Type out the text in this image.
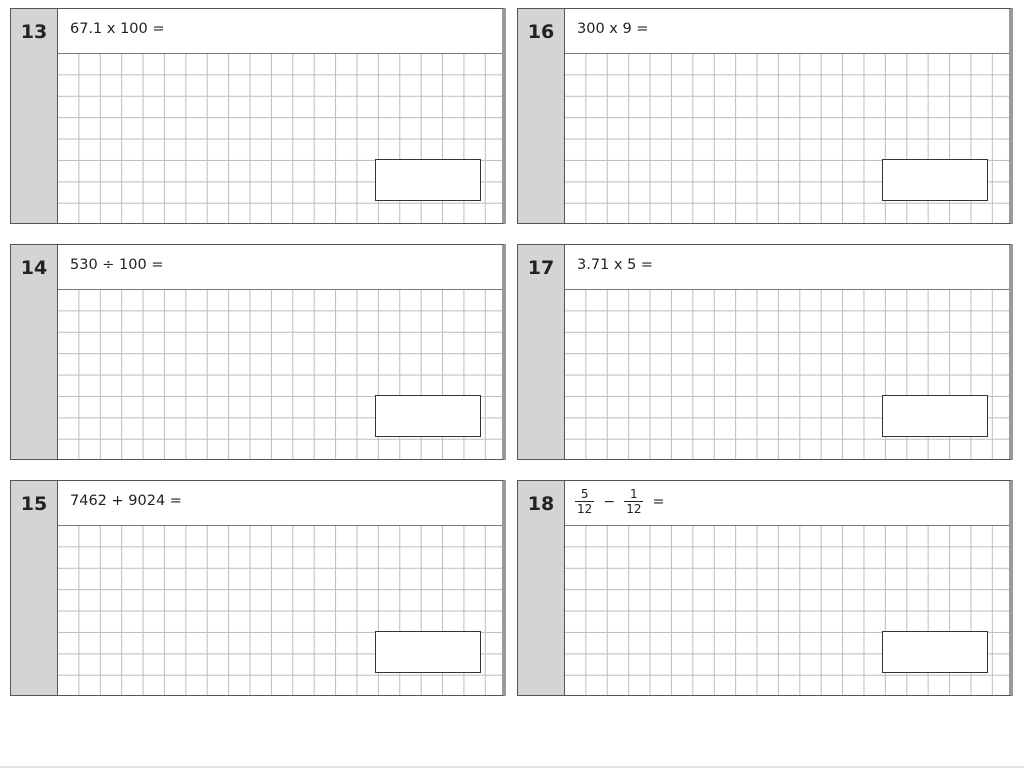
13	67.1 x 100 =
14	530 ÷ 100 =
15	7462 + 9024 =
16	300 x 9 =
17	3.71 x 5 =
18	$\frac{5}{12} - \frac{1}{12}$ =
